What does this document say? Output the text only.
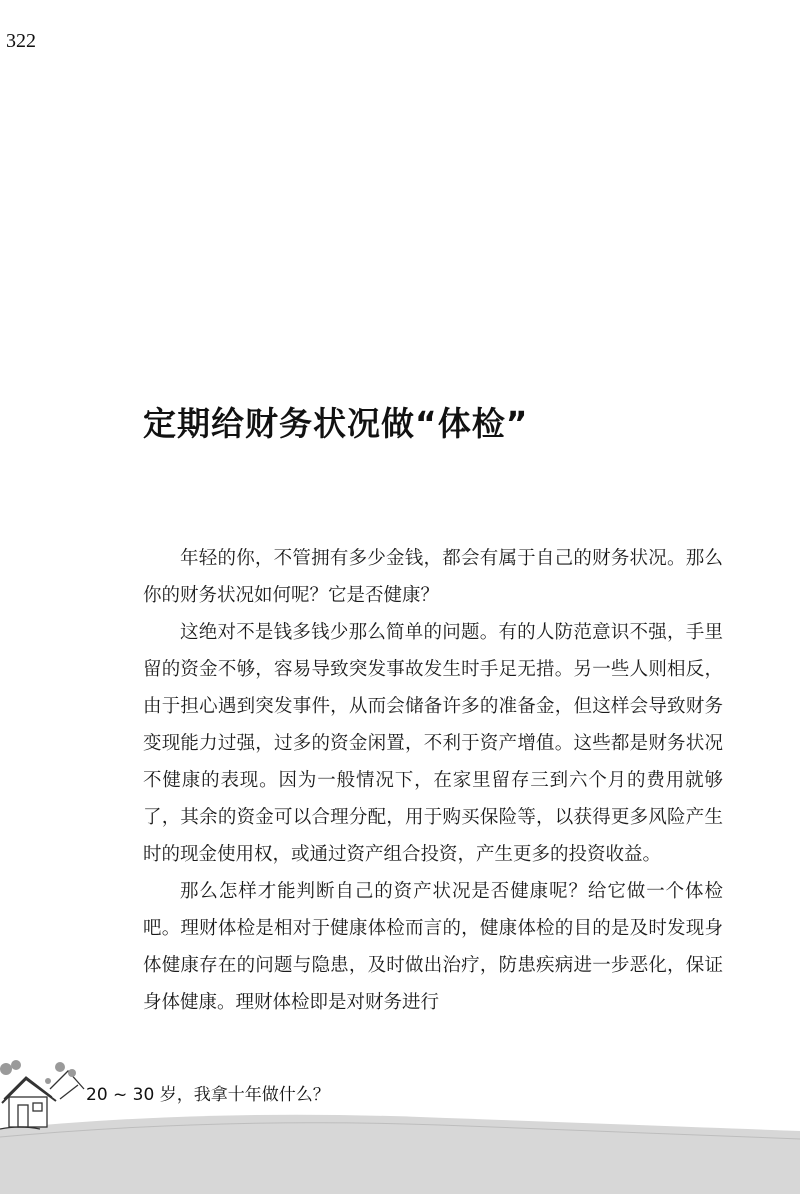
322
定期给财务状况做“体检”

年轻的你，不管拥有多少金钱，都会有属于自己的财务状况。那么你的财务状况如何呢？它是否健康？

这绝对不是钱多钱少那么简单的问题。有的人防范意识不强，手里留的资金不够，容易导致突发事故发生时手足无措。另一些人则相反，由于担心遇到突发事件，从而会储备许多的准备金，但这样会导致财务变现能力过强，过多的资金闲置，不利于资产增值。这些都是财务状况不健康的表现。因为一般情况下，在家里留存三到六个月的费用就够了，其余的资金可以合理分配，用于购买保险等，以获得更多风险产生时的现金使用权，或通过资产组合投资，产生更多的投资收益。

那么怎样才能判断自己的资产状况是否健康呢？给它做一个体检吧。理财体检是相对于健康体检而言的，健康体检的目的是及时发现身体健康存在的问题与隐患，及时做出治疗，防患疾病进一步恶化，保证身体健康。理财体检即是对财务进行

20 ~ 30 岁，我拿十年做什么？
